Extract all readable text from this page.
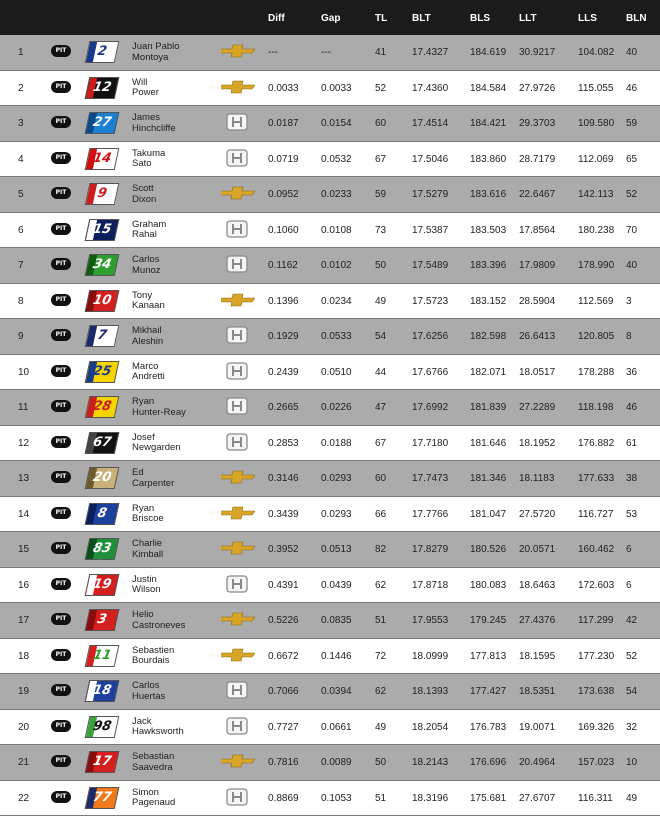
Diff	Gap	TL BLT	BLS	LLT	LLS	BLN
1	PIT	2	Juan Pablo
Montoya	---	---	41	17.4327 184.619 30.9217 104.082 40
2	PIT	12	Will
Power	0.0033 0.0033 52	17.4360 184.584 27.9726 115.055 46
3	PIT	27	James
Hinchcliffe	0.0187 0.0154 60	17.4514 184.421 29.3703 109.580 59
4	PIT	14	Takuma
Sato	0.0719 0.0532 67	17.5046 183.860 28.7179 112.069 65
5	PIT	9	Scott
Dixon	0.0952 0.0233 59	17.5279 183.616 22.6467 142.113 52
6	PIT	15	Graham
Rahal	0.1060 0.0108 73	17.5387 183.503 17.8564 180.238 70
7	PIT	34	Carlos
Munoz	0.1162 0.0102 50	17.5489 183.396 17.9809 178.990 40
8	PIT	10	Tony
Kanaan	0.1396 0.0234 49	17.5723 183.152 28.5904 112.569 3
9	PIT	7	Mikhail
Aleshin	0.1929 0.0533 54	17.6256 182.598 26.6413 120.805 8
10	PIT	25	Marco
Andretti	0.2439 0.0510 44	17.6766 182.071 18.0517 178.288 36
11	PIT	28	Ryan
Hunter-Reay	0.2665 0.0226 47	17.6992 181.839 27.2289 118.198 46
12	PIT	67	Josef
Newgarden	0.2853 0.0188 67	17.7180 181.646 18.1952 176.882 61
13	PIT	20	Ed
Carpenter	0.3146 0.0293 60	17.7473 181.346 18.1183 177.633 38
14	PIT	8	Ryan
Briscoe	0.3439 0.0293 66	17.7766 181.047 27.5720 116.727 53
15	PIT	83	Charlie
Kimball	0.3952 0.0513 82	17.8279 180.526 20.0571 160.462 6
16	PIT	19	Justin
Wilson	0.4391 0.0439 62	17.8718 180.083 18.6463 172.603 6
17	PIT	3	Helio
Castroneves	0.5226 0.0835 51	17.9553 179.245 27.4376 117.299 42
18	PIT	11	Sebastien
Bourdais	0.6672 0.1446 72	18.0999 177.813 18.1595 177.230 52
19	PIT	18	Carlos
Huertas	0.7066 0.0394 62	18.1393 177.427 18.5351 173.638 54
20	PIT	98	Jack
Hawksworth	0.7727 0.0661 49	18.2054 176.783 19.0071 169.326 32
21	PIT	17	Sebastian
Saavedra	0.7816 0.0089 50	18.2143 176.696 20.4964 157.023 10
22	PIT	77	Simon
Pagenaud	0.8869 0.1053 51	18.3196 175.681 27.6707 116.311 49
